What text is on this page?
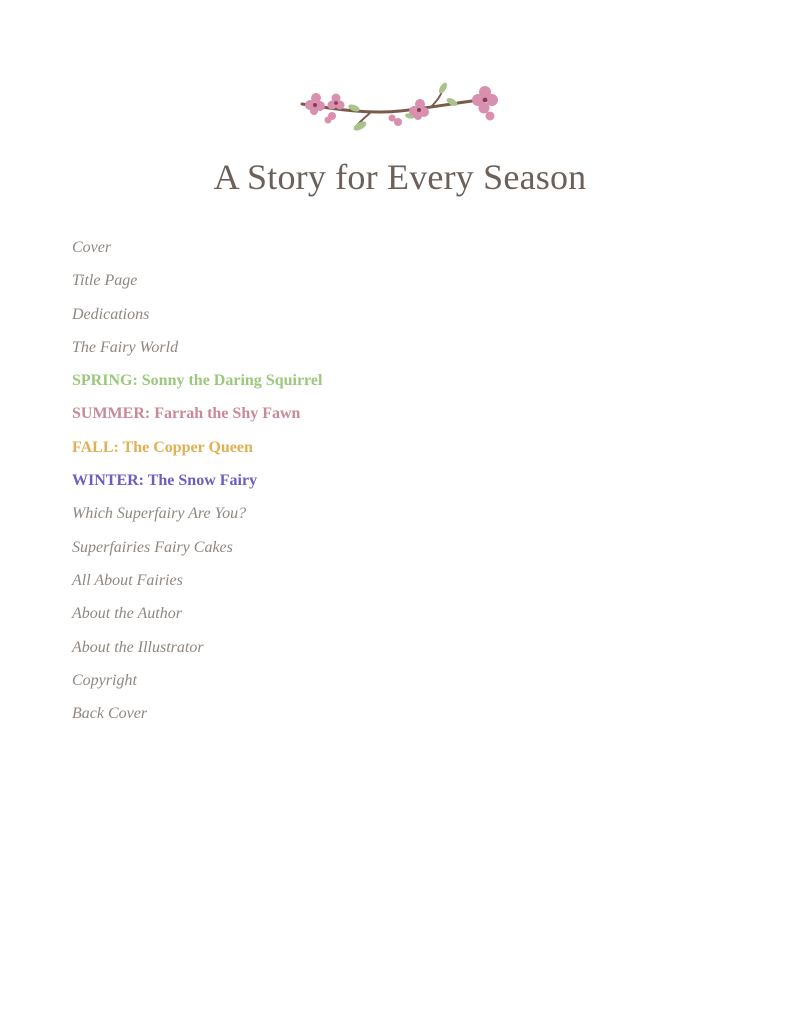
A Story for Every Season
Cover
Title Page
Dedications
The Fairy World
SPRING: Sonny the Daring Squirrel
SUMMER: Farrah the Shy Fawn
FALL: The Copper Queen
WINTER: The Snow Fairy
Which Superfairy Are You?
Superfairies Fairy Cakes
All About Fairies
About the Author
About the Illustrator
Copyright
Back Cover
